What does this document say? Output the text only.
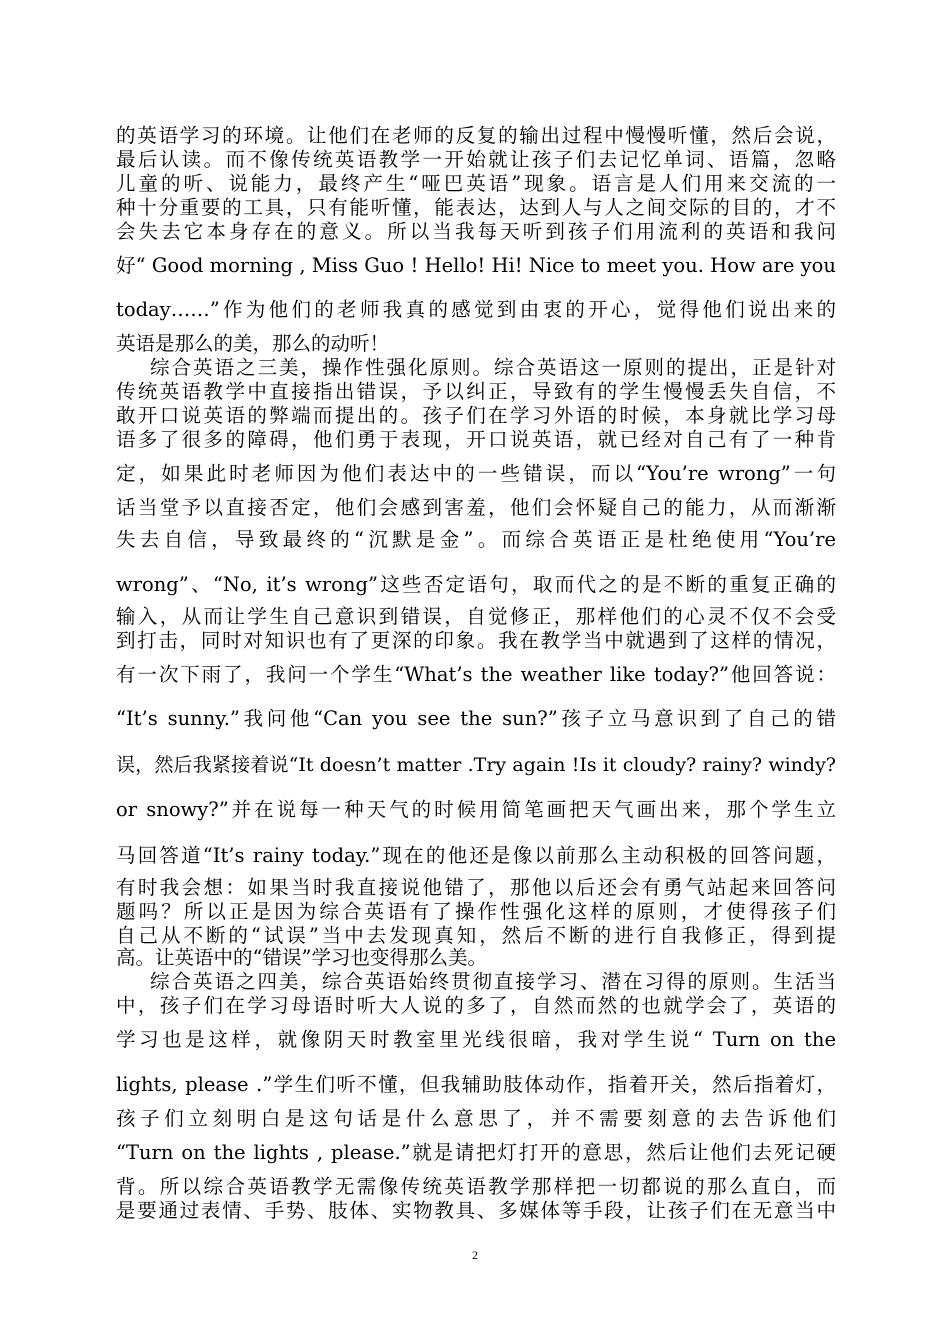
的英语学习的环境。让他们在老师的反复的输出过程中慢慢听懂，然后会说，
最后认读。而不像传统英语教学一开始就让孩子们去记忆单词、语篇，忽略
儿童的听、说能力，最终产生“哑巴英语”现象。语言是人们用来交流的一
种十分重要的工具，只有能听懂，能表达，达到人与人之间交际的目的，才不
会失去它本身存在的意义。所以当我每天听到孩子们用流利的英语和我问
好“ Good morning , Miss Guo ! Hello! Hi! Nice to meet you. How are you
today……”作为他们的老师我真的感觉到由衷的开心，觉得他们说出来的
英语是那么的美，那么的动听！
综合英语之三美，操作性强化原则。综合英语这一原则的提出，正是针对
传统英语教学中直接指出错误，予以纠正，导致有的学生慢慢丢失自信，不
敢开口说英语的弊端而提出的。孩子们在学习外语的时候，本身就比学习母
语多了很多的障碍，他们勇于表现，开口说英语，就已经对自己有了一种肯
定，如果此时老师因为他们表达中的一些错误，而以“You’re wrong”一句
话当堂予以直接否定，他们会感到害羞，他们会怀疑自己的能力，从而渐渐
失去自信，导致最终的“沉默是金”。而综合英语正是杜绝使用“You’re
wrong”、“No, it’s wrong”这些否定语句，取而代之的是不断的重复正确的
输入，从而让学生自己意识到错误，自觉修正，那样他们的心灵不仅不会受
到打击，同时对知识也有了更深的印象。我在教学当中就遇到了这样的情况，
有一次下雨了，我问一个学生“What’s the weather like today?”他回答说：
“It’s sunny.”我问他“Can you see the sun?”孩子立马意识到了自己的错
误，然后我紧接着说“It doesn’t matter .Try again !Is it cloudy? rainy? windy?
or snowy?”并在说每一种天气的时候用简笔画把天气画出来，那个学生立
马回答道“It’s rainy today.”现在的他还是像以前那么主动积极的回答问题，
有时我会想：如果当时我直接说他错了，那他以后还会有勇气站起来回答问
题吗？所以正是因为综合英语有了操作性强化这样的原则，才使得孩子们
自己从不断的“试误”当中去发现真知，然后不断的进行自我修正，得到提
高。让英语中的“错误”学习也变得那么美。
综合英语之四美，综合英语始终贯彻直接学习、潜在习得的原则。生活当
中，孩子们在学习母语时听大人说的多了，自然而然的也就学会了，英语的
学习也是这样，就像阴天时教室里光线很暗，我对学生说“ Turn on the
lights, please .”学生们听不懂，但我辅助肢体动作，指着开关，然后指着灯，
孩子们立刻明白是这句话是什么意思了，并不需要刻意的去告诉他们
“Turn on the lights , please.”就是请把灯打开的意思，然后让他们去死记硬
背。所以综合英语教学无需像传统英语教学那样把一切都说的那么直白，而
是要通过表情、手势、肢体、实物教具、多媒体等手段，让孩子们在无意当中
2
